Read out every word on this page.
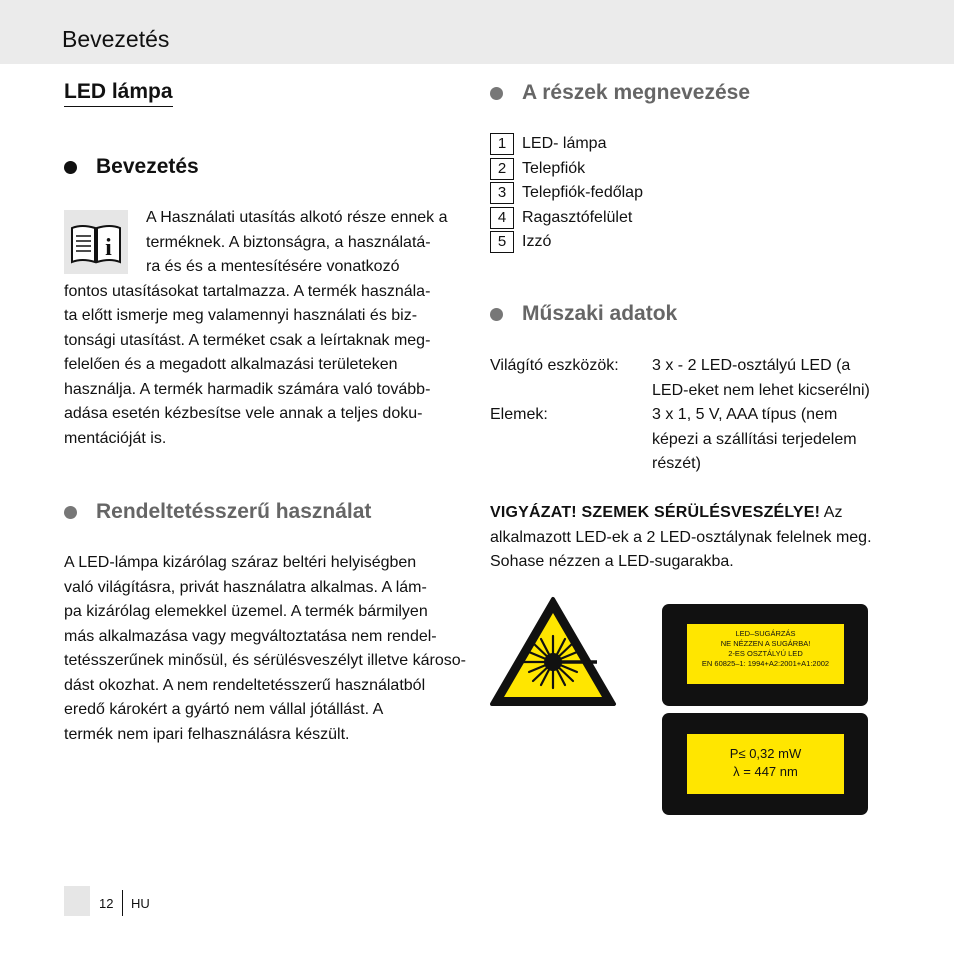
Bevezetés
LED lámpa
Bevezetés
i

A Használati utasítás alkotó része ennek a
terméknek. A biztonságra, a használatá-
ra és és a mentesítésére vonatkozó

fontos utasításokat tartalmazza. A termék használa-
ta előtt ismerje meg valamennyi használati és biz-
tonsági utasítást. A terméket csak a leírtaknak meg-
felelően és a megadott alkalmazási területeken
használja. A termék harmadik számára való tovább-
adása esetén kézbesítse vele annak a teljes doku-
mentációját is.

Rendeltetésszerű használat

A LED-lámpa kizárólag száraz beltéri helyiségben
való világításra, privát használatra alkalmas. A lám-
pa kizárólag elemekkel üzemel. A termék bármilyen
más alkalmazása vagy megváltoztatása nem rendel-
tetésszerűnek minősül, és sérülésveszélyt illetve károso-
dást okozhat. A nem rendeltetésszerű használatból
eredő károkért a gyártó nem vállal jótállást. A
termék nem ipari felhasználásra készült.

A részek megnevezése
1 LED- lámpa
2 Telepfiók
3 Telepfiók-fedőlap
4 Ragasztófelület
5 Izzó
Műszaki adatok
Világító eszközök: 3 x - 2 LED-osztályú LED (a
LED-eket nem lehet kicserélni)
Elemek:	3 x 1, 5 V, AAA típus (nem
képezi a szállítási terjedelem
részét)
VIGYÁZAT! SZEMEK SÉRÜLÉSVESZÉLYE! Az
alkalmazott LED-ek a 2 LED-osztálynak felelnek meg.
Sohase nézzen a LED-sugarakba.
LED–SUGÁRZÁS
NE NÉZZEN A SUGÁRBA!
2-ES OSZTÁLYÚ LED
EN 60825–1: 1994+A2:2001+A1:2002
P≤ 0,32 mW
λ = 447 nm
12 HU
